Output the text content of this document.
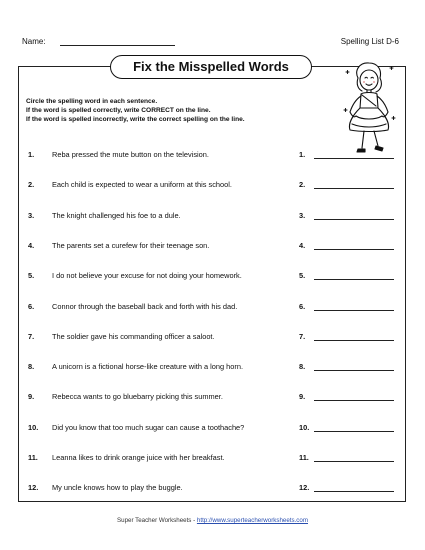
Name:	Spelling List D-6
Fix the Misspelled Words
Circle the spelling word in each sentence.
If the word is spelled correctly, write CORRECT on the line.
If the word is spelled incorrectly, write the correct spelling on the line.
1. Reba pressed the mute button on the television.	1.
2. Each child is expected to wear a uniform at this school.	2.
3. The knight challenged his foe to a dule.	3.
4. The parents set a curefew for their teenage son.	4.
5. I do not believe your excuse for not doing your homework.	5.
6. Connor through the baseball back and forth with his dad.	6.
7. The soldier gave his commanding officer a saloot.	7.
8. A unicorn is a fictional horse-like creature with a long horn.	8.
9. Rebecca wants to go bluebarry picking this summer.	9.
10. Did you know that too much sugar can cause a toothache?	10.
11. Leanna likes to drink orange juice with her breakfast.	11.
12. My uncle knows how to play the buggle.	12.
Super Teacher Worksheets - http://www.superteacherworksheets.com
